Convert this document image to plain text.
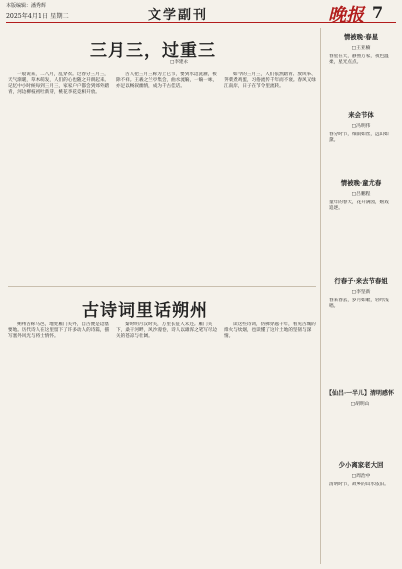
本版编辑：潘秀辉
2025年4月1日 星期二	文学副刊	晚报 7
三月三，过重三
□李建永

一般说来，二八月，乱穿衣。过春分三月三，天气渐暖，草木萌发，人们的心也随之开朗起来。记忆中小时候每到三月三，家家户户都会到郊外踏青，河边柳枝初吐新芽，桃花李花竞相开放。

古人把三月三称为上巳节，要到水边洗濯，祓除不祥。王羲之兰亭集会，曲水流觞，一觞一咏，亦足以畅叙幽情，成为千古佳话。

如今的三月三，人们依然踏青、放风筝、荠菜煮鸡蛋，习俗流传千年而不衰。春风又绿江南岸，日子在节令里流转。

古诗词里话朔州

朔州古称马邑，地处雁门关外，自古便是边塞要地。历代诗人在这里留下了许多动人的诗篇，描写塞外风光与将士情怀。

秦时明月汉时关，万里长征人未还。雁门关下，桑干河畔，风沙漫卷，诗人以雄浑之笔写尽边关的苍凉与壮阔。

读这些诗词，仿佛穿越千年，看见古城的烽火与炊烟，也读懂了这片土地的坚韧与深情。

情被晚·春星
□王亚楠
春星在天，静照万家，夜色温柔，星光点点。
来会节体
□冯明伟
春分时节，细雨如丝，远山如黛。
情被晚·童尤春
□吕鹏程
童年的春天，花开满园，嬉戏追逐。
行春子·来去节春姐
□李坚新
春来春去，岁月如歌，轻吟浅唱。
【仙吕·一半儿】清明感怀
□胡明山
少小离家老大回
□周治中
清明时节，故乡的山水依旧。
